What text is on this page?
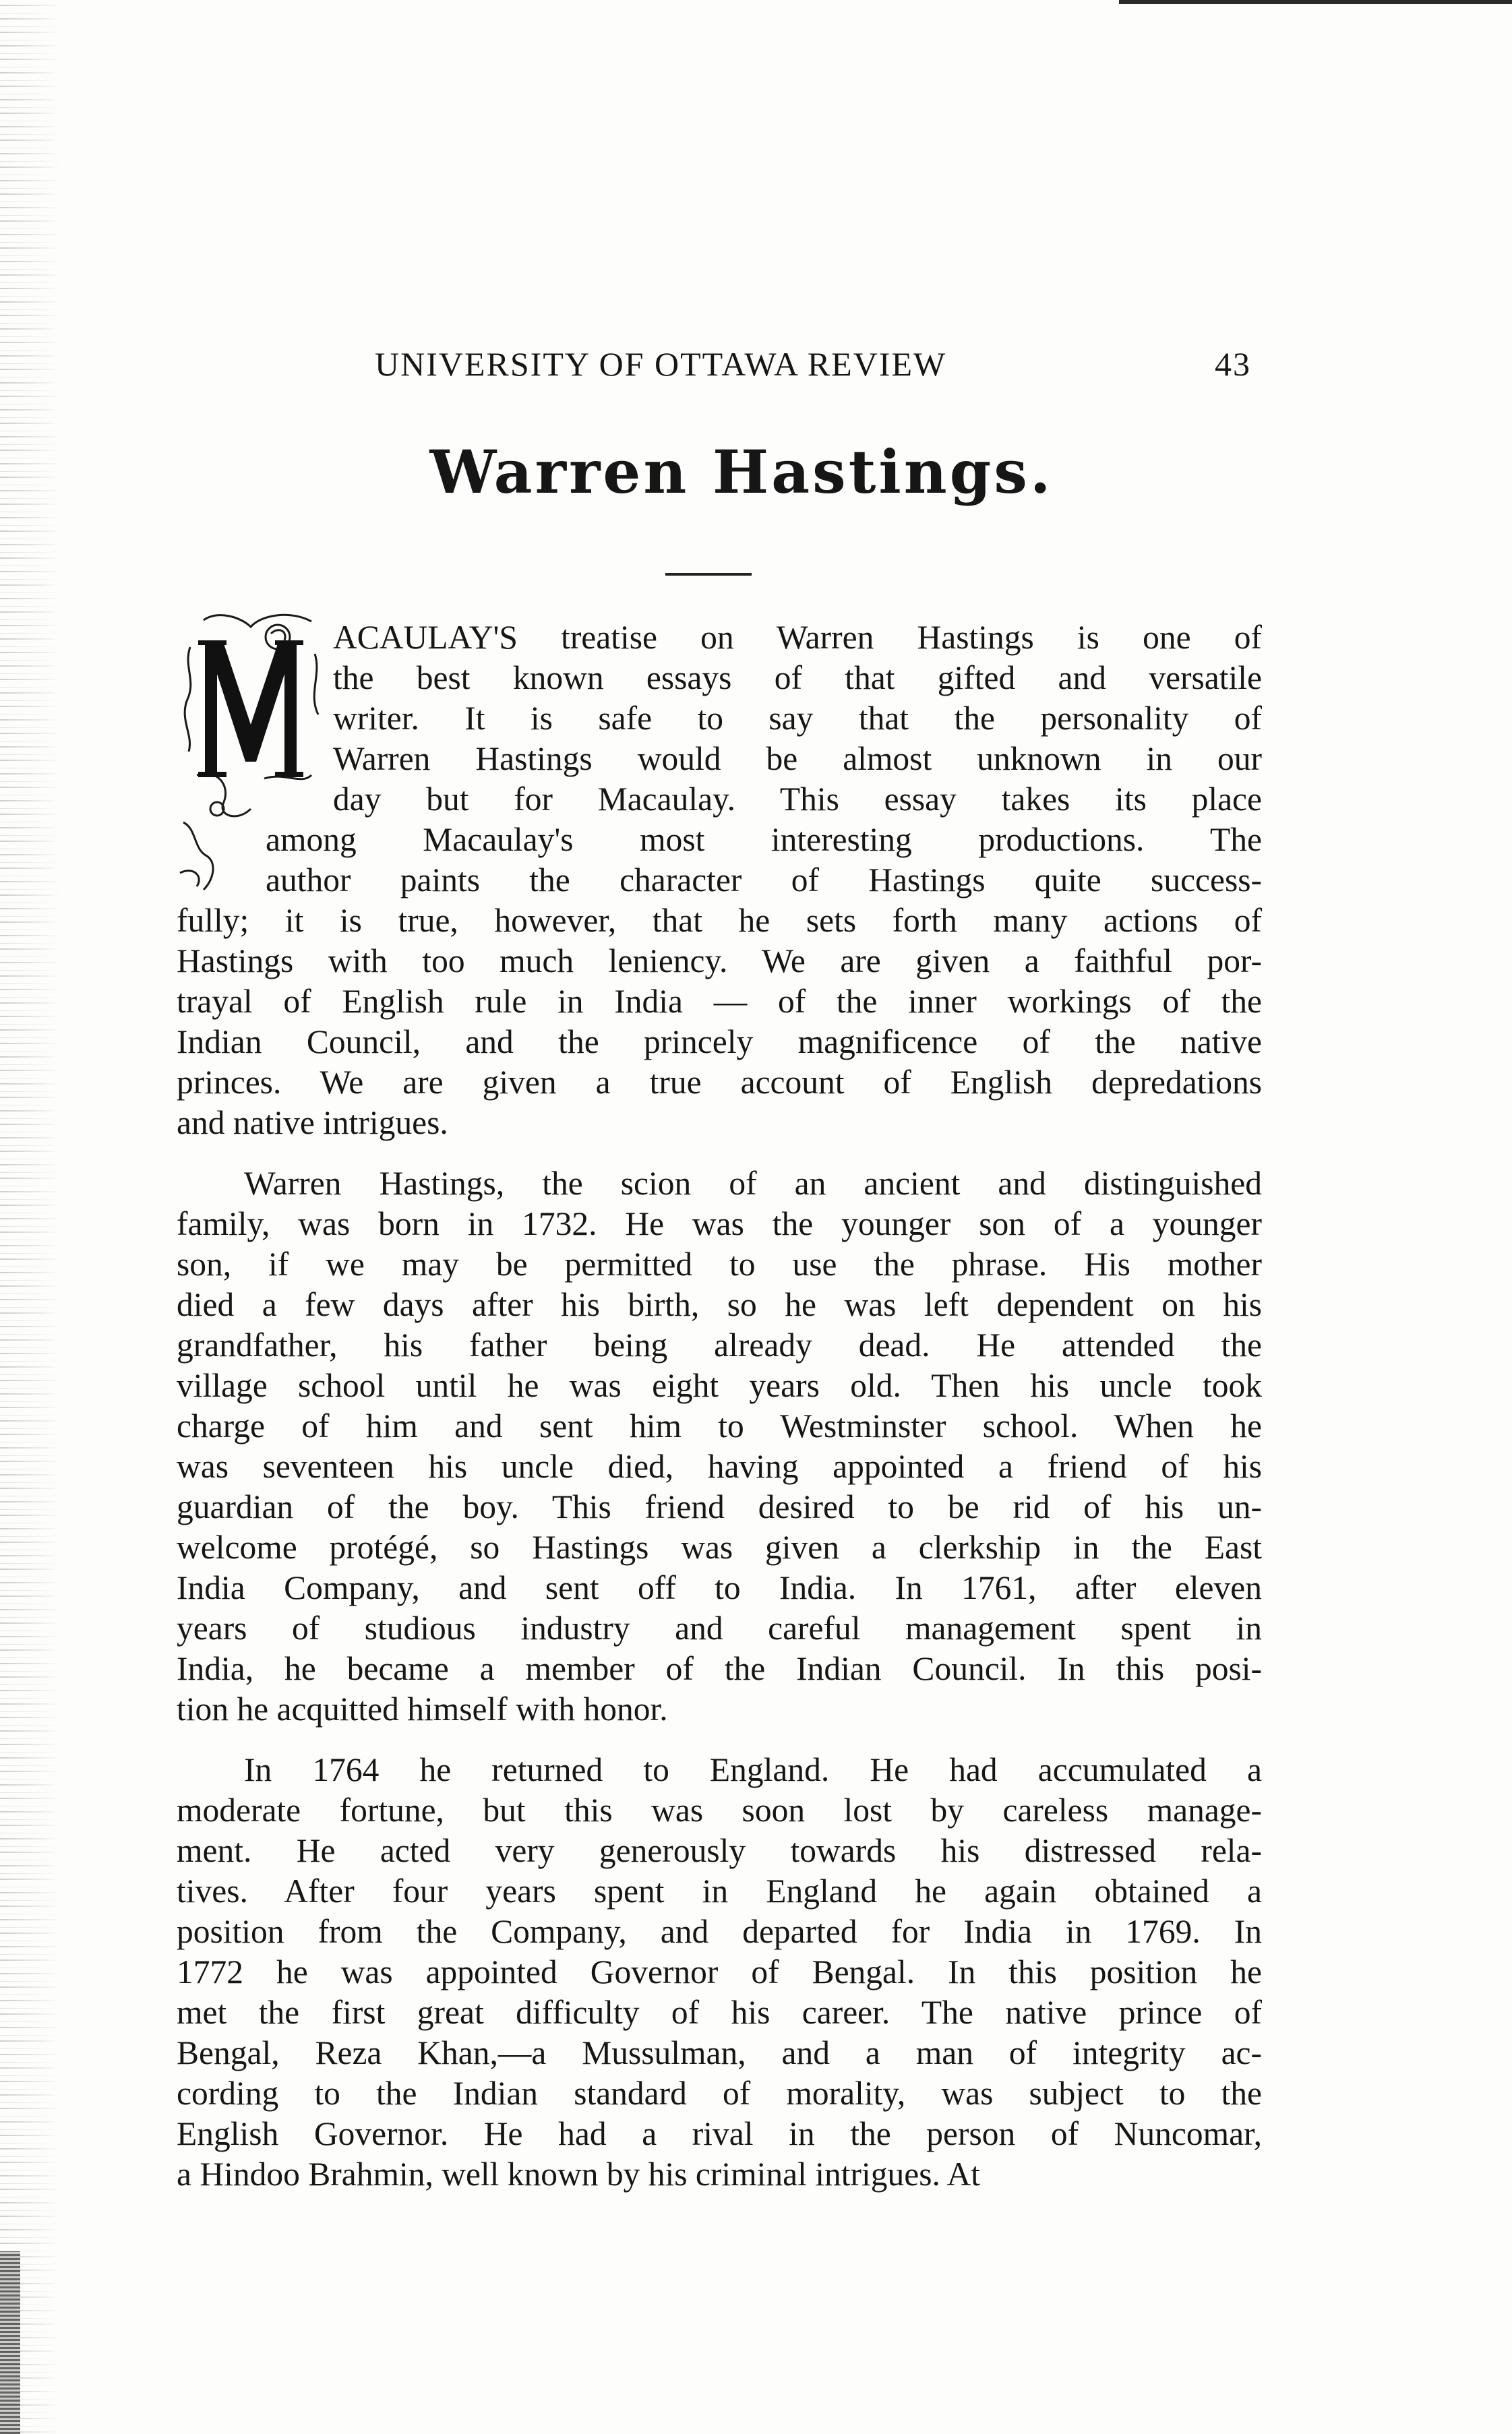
UNIVERSITY OF OTTAWA REVIEW	43
Warren Hastings.
M
ACAULAY'S treatise on Warren Hastings is one of
the best known essays of that gifted and versatile
writer. It is safe to say that the personality of
Warren Hastings would be almost unknown in our
day but for Macaulay. This essay takes its place
among Macaulay's most interesting productions. The
author paints the character of Hastings quite success-
fully; it is true, however, that he sets forth many actions of
Hastings with too much leniency. We are given a faithful por-
trayal of English rule in India — of the inner workings of the
Indian Council, and the princely magnificence of the native
princes. We are given a true account of English depredations
and native intrigues.
Warren Hastings, the scion of an ancient and distinguished
family, was born in 1732. He was the younger son of a younger
son, if we may be permitted to use the phrase. His mother
died a few days after his birth, so he was left dependent on his
grandfather, his father being already dead. He attended the
village school until he was eight years old. Then his uncle took
charge of him and sent him to Westminster school. When he
was seventeen his uncle died, having appointed a friend of his
guardian of the boy. This friend desired to be rid of his un-
welcome protégé, so Hastings was given a clerkship in the East
India Company, and sent off to India. In 1761, after eleven
years of studious industry and careful management spent in
India, he became a member of the Indian Council. In this posi-
tion he acquitted himself with honor.
In 1764 he returned to England. He had accumulated a
moderate fortune, but this was soon lost by careless manage-
ment. He acted very generously towards his distressed rela-
tives. After four years spent in England he again obtained a
position from the Company, and departed for India in 1769. In
1772 he was appointed Governor of Bengal. In this position he
met the first great difficulty of his career. The native prince of
Bengal, Reza Khan,—a Mussulman, and a man of integrity ac-
cording to the Indian standard of morality, was subject to the
English Governor. He had a rival in the person of Nuncomar,
a Hindoo Brahmin, well known by his criminal intrigues. At
